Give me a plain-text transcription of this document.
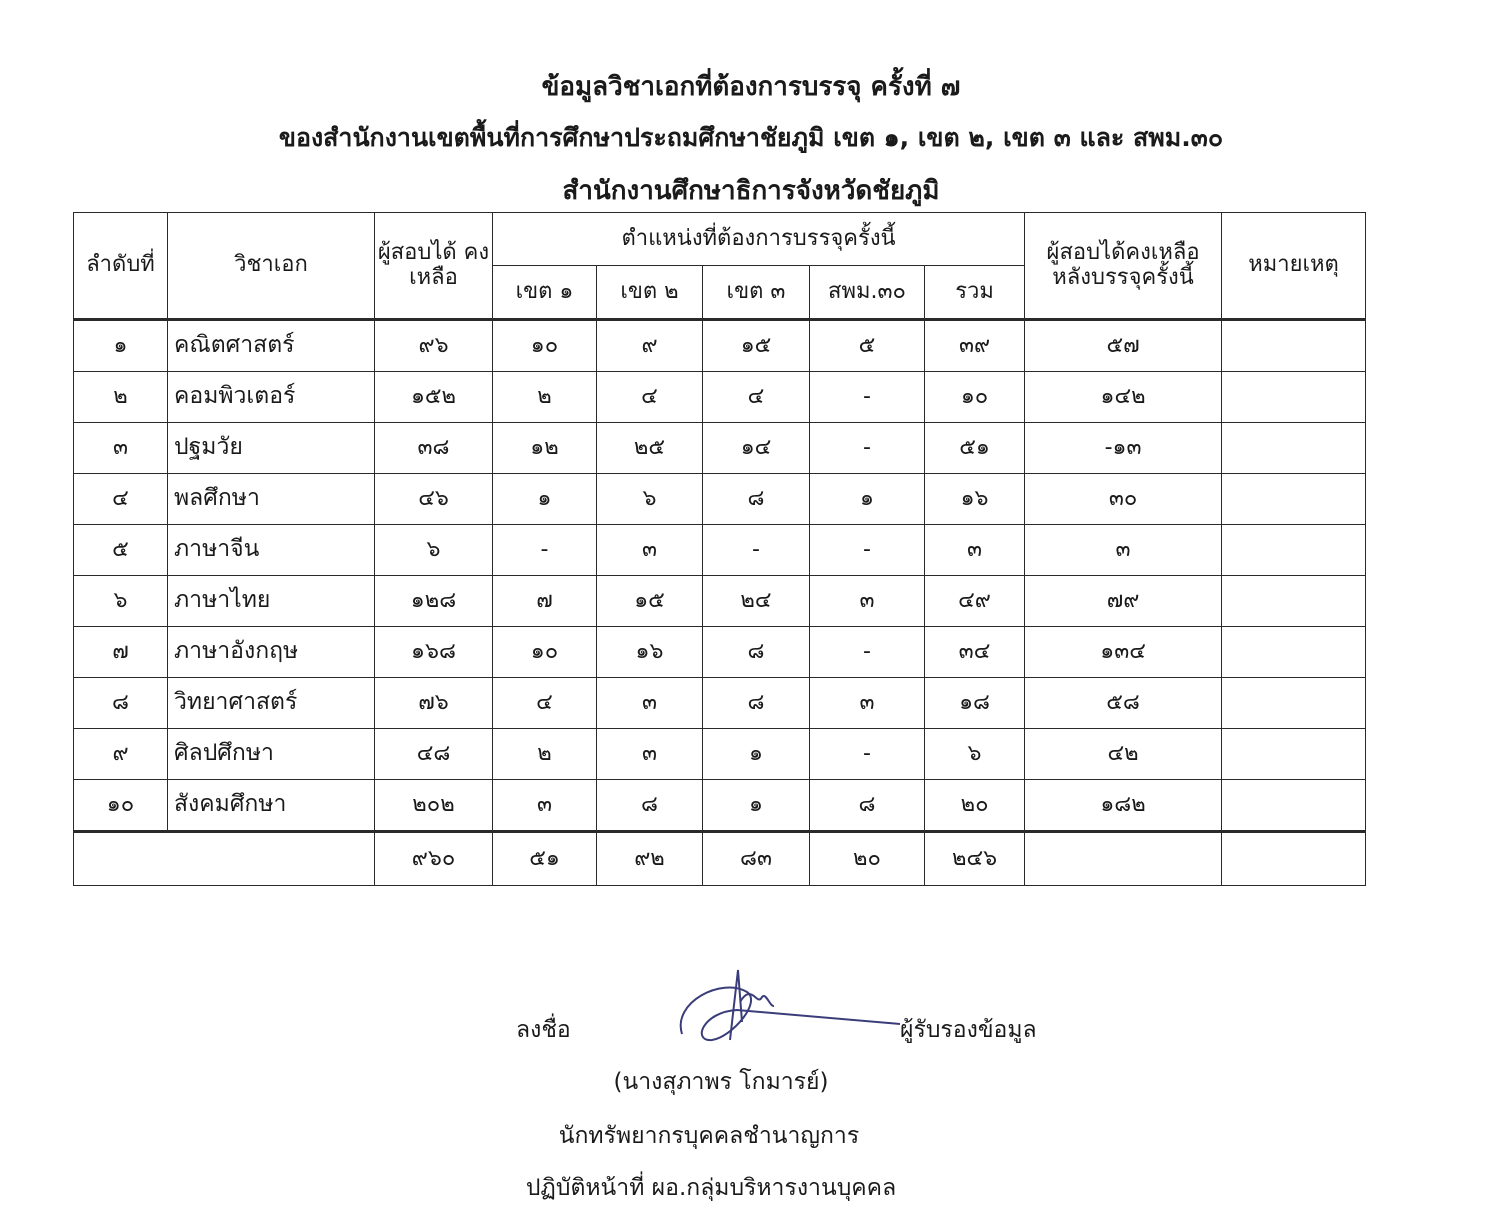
ข้อมูลวิชาเอกที่ต้องการบรรจุ ครั้งที่ ๗
ของสำนักงานเขตพื้นที่การศึกษาประถมศึกษาชัยภูมิ เขต ๑, เขต ๒, เขต ๓ และ สพม.๓๐
สำนักงานศึกษาธิการจังหวัดชัยภูมิ
ลำดับที่	วิชาเอก	ผู้สอบได้ คงเหลือ	ตำแหน่งที่ต้องการบรรจุครั้งนี้					ผู้สอบได้คงเหลือ หลังบรรจุครั้งนี้	หมายเหตุ
			เขต ๑	เขต ๒	เขต ๓	สพม.๓๐	รวม		
๑	คณิตศาสตร์	๙๖	๑๐	๙	๑๕	๕	๓๙	๕๗	
๒	คอมพิวเตอร์	๑๕๒	๒	๔	๔	-	๑๐	๑๔๒	
๓	ปฐมวัย	๓๘	๑๒	๒๕	๑๔	-	๕๑	-๑๓	
๔	พลศึกษา	๔๖	๑	๖	๘	๑	๑๖	๓๐	
๕	ภาษาจีน	๖	-	๓	-	-	๓	๓	
๖	ภาษาไทย	๑๒๘	๗	๑๕	๒๔	๓	๔๙	๗๙	
๗	ภาษาอังกฤษ	๑๖๘	๑๐	๑๖	๘	-	๓๔	๑๓๔	
๘	วิทยาศาสตร์	๗๖	๔	๓	๘	๓	๑๘	๕๘	
๙	ศิลปศึกษา	๔๘	๒	๓	๑	-	๖	๔๒	
๑๐	สังคมศึกษา	๒๐๒	๓	๘	๑	๘	๒๐	๑๘๒	
		๙๖๐	๕๑	๙๒	๘๓	๒๐	๒๔๖		
ลงชื่อ	ผู้รับรองข้อมูล
(นางสุภาพร โกมารย์)
นักทรัพยากรบุคคลชำนาญการ
ปฏิบัติหน้าที่ ผอ.กลุ่มบริหารงานบุคคล
